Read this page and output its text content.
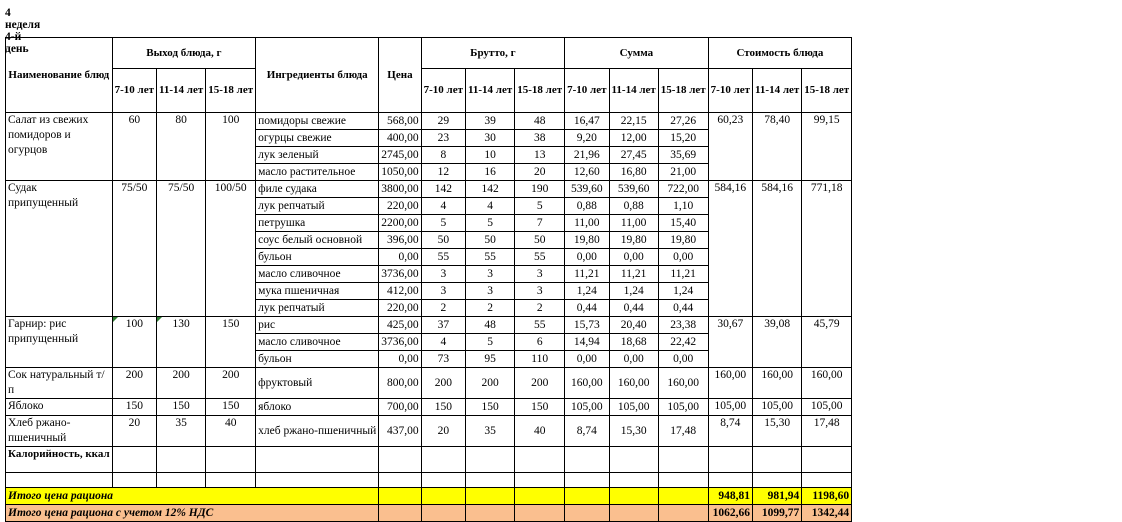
4 неделя 4-й день
Наименование блюд	Выход блюда, г			Ингредиенты блюда	Цена	Брутто, г			Сумма			Стоимость блюда		
	7-10 лет	11-14 лет	15-18 лет			7-10 лет	11-14 лет	15-18 лет	7-10 лет	11-14 лет	15-18 лет	7-10 лет	11-14 лет	15-18 лет
Салат из свежих помидоров и огурцов	60	80	100	помидоры свежие	568,00	29	39	48	16,47	22,15	27,26	60,23	78,40	99,15
				огурцы свежие	400,00	23	30	38	9,20	12,00	15,20			
				лук зеленый	2745,00	8	10	13	21,96	27,45	35,69			
				масло растительное	1050,00	12	16	20	12,60	16,80	21,00			
Судак припущенный	75/50	75/50	100/50	филе судака	3800,00	142	142	190	539,60	539,60	722,00	584,16	584,16	771,18
				лук репчатый	220,00	4	4	5	0,88	0,88	1,10			
				петрушка	2200,00	5	5	7	11,00	11,00	15,40			
				соус белый основной	396,00	50	50	50	19,80	19,80	19,80			
				бульон	0,00	55	55	55	0,00	0,00	0,00			
				масло сливочное	3736,00	3	3	3	11,21	11,21	11,21			
				мука пшеничная	412,00	3	3	3	1,24	1,24	1,24			
				лук репчатый	220,00	2	2	2	0,44	0,44	0,44			
Гарнир: рис припущенный	100	130	150	рис	425,00	37	48	55	15,73	20,40	23,38	30,67	39,08	45,79
				масло сливочное	3736,00	4	5	6	14,94	18,68	22,42			
				бульон	0,00	73	95	110	0,00	0,00	0,00			
Сок натуральный т/п	200	200	200	фруктовый	800,00	200	200	200	160,00	160,00	160,00	160,00	160,00	160,00
Яблоко	150	150	150	яблоко	700,00	150	150	150	105,00	105,00	105,00	105,00	105,00	105,00
Хлеб ржано-пшеничный	20	35	40	хлеб ржано-пшеничный	437,00	20	35	40	8,74	15,30	17,48	8,74	15,30	17,48
Калорийность, ккал														

Итого цена рациона												948,81	981,94	1198,60
Итого цена рациона с учетом 12% НДС												1062,66	1099,77	1342,44
